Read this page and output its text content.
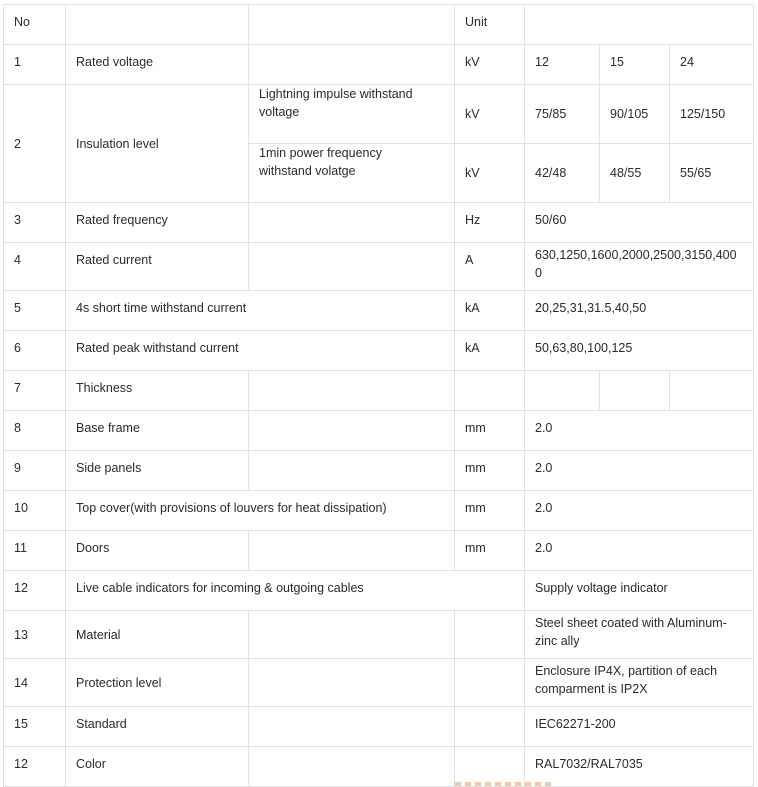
No			Unit			
1	Rated voltage		kV	12	15	24
2	Insulation level	Lightning impulse withstand
voltage	kV	75/85	90/105	125/150

		1min power frequency
withstand volatge	kV	42/48	48/55	55/65
3	Rated frequency		Hz	50/60		
4	Rated current		A	630,1250,1600,2000,2500,3150,4000		
5	4s short time withstand current		kA	20,25,31,31.5,40,50		
6	Rated peak withstand current		kA	50,63,80,100,125		
7	Thickness					
8	Base frame		mm	2.0		
9	Side panels		mm	2.0		
10	Top cover(with provisions of louvers for heat dissipation)		mm	2.0		
11	Doors		mm	2.0		
12	Live cable indicators for incoming & outgoing cables			Supply voltage indicator		
13	Material			Steel sheet coated with Aluminum-zinc ally		
14	Protection level			Enclosure IP4X, partition of each comparment is IP2X		
15	Standard			IEC62271-200		
12	Color			RAL7032/RAL7035		
